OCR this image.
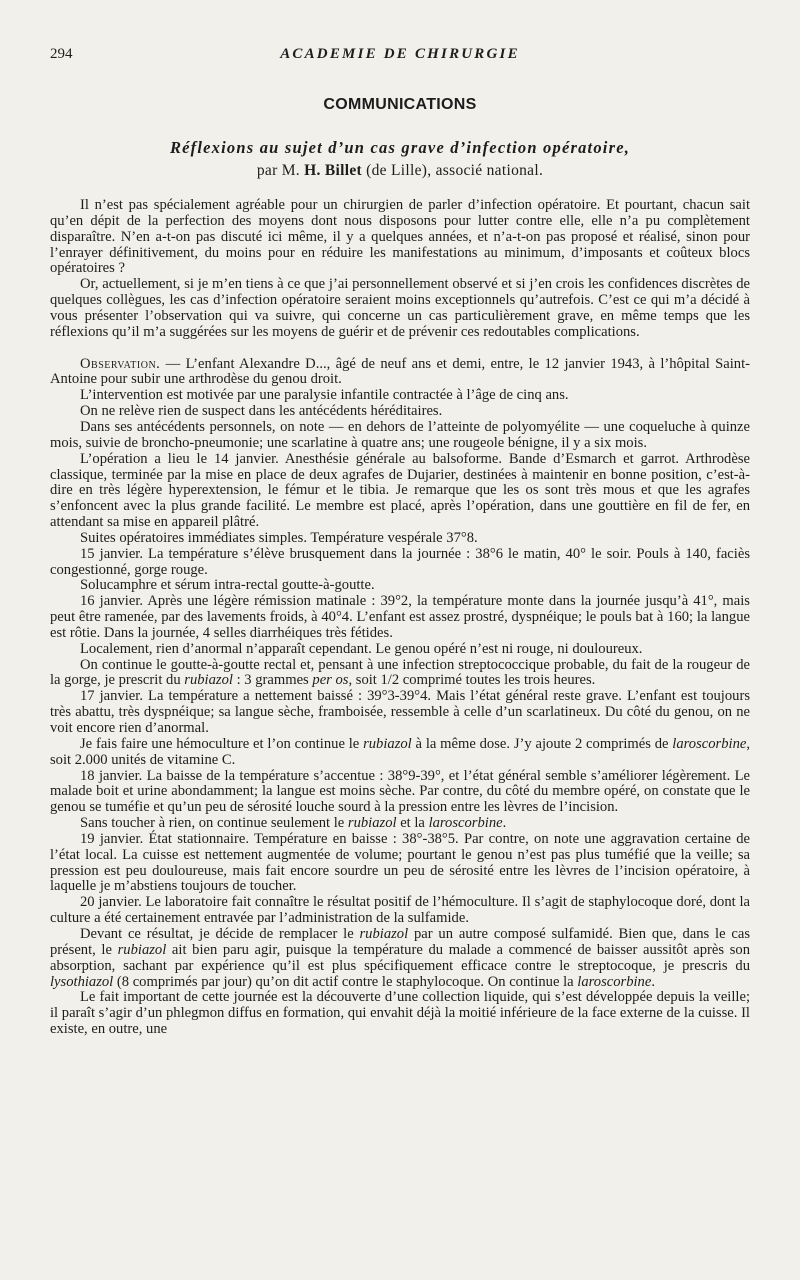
294	ACADEMIE DE CHIRURGIE
COMMUNICATIONS
Réflexions au sujet d’un cas grave d’infection opératoire,
par M. H. Billet (de Lille), associé national.

Il n’est pas spécialement agréable pour un chirurgien de parler d’infection opératoire. Et pourtant, chacun sait qu’en dépit de la perfection des moyens dont nous disposons pour lutter contre elle, elle n’a pu complètement disparaître. N’en a-t-on pas discuté ici même, il y a quelques années, et n’a-t-on pas proposé et réalisé, sinon pour l’enrayer définitivement, du moins pour en réduire les manifestations au minimum, d’imposants et coûteux blocs opératoires ?

Or, actuellement, si je m’en tiens à ce que j’ai personnellement observé et si j’en crois les confidences discrètes de quelques collègues, les cas d’infection opératoire seraient moins exceptionnels qu’autrefois. C’est ce qui m’a décidé à vous présenter l’observation qui va suivre, qui concerne un cas particulièrement grave, en même temps que les réflexions qu’il m’a suggérées sur les moyens de guérir et de prévenir ces redoutables complications.

Observation. — L’enfant Alexandre D..., âgé de neuf ans et demi, entre, le 12 janvier 1943, à l’hôpital Saint-Antoine pour subir une arthrodèse du genou droit.

L’intervention est motivée par une paralysie infantile contractée à l’âge de cinq ans.

On ne relève rien de suspect dans les antécédents héréditaires.

Dans ses antécédents personnels, on note — en dehors de l’atteinte de polyomyélite — une coqueluche à quinze mois, suivie de broncho-pneumonie; une scarlatine à quatre ans; une rougeole bénigne, il y a six mois.

L’opération a lieu le 14 janvier. Anesthésie générale au balsoforme. Bande d’Esmarch et garrot. Arthrodèse classique, terminée par la mise en place de deux agrafes de Dujarier, destinées à maintenir en bonne position, c’est-à-dire en très légère hyperextension, le fémur et le tibia. Je remarque que les os sont très mous et que les agrafes s’enfoncent avec la plus grande facilité. Le membre est placé, après l’opération, dans une gouttière en fil de fer, en attendant sa mise en appareil plâtré.

Suites opératoires immédiates simples. Température vespérale 37°8.

15 janvier. La température s’élève brusquement dans la journée : 38°6 le matin, 40° le soir. Pouls à 140, faciès congestionné, gorge rouge.

Solucamphre et sérum intra-rectal goutte-à-goutte.

16 janvier. Après une légère rémission matinale : 39°2, la température monte dans la journée jusqu’à 41°, mais peut être ramenée, par des lavements froids, à 40°4. L’enfant est assez prostré, dyspnéique; le pouls bat à 160; la langue est rôtie. Dans la journée, 4 selles diarrhéiques très fétides.

Localement, rien d’anormal n’apparaît cependant. Le genou opéré n’est ni rouge, ni douloureux.

On continue le goutte-à-goutte rectal et, pensant à une infection streptococcique probable, du fait de la rougeur de la gorge, je prescrit du rubiazol : 3 grammes per os, soit 1/2 comprimé toutes les trois heures.

17 janvier. La température a nettement baissé : 39°3-39°4. Mais l’état général reste grave. L’enfant est toujours très abattu, très dyspnéique; sa langue sèche, framboisée, ressemble à celle d’un scarlatineux. Du côté du genou, on ne voit encore rien d’anormal.

Je fais faire une hémoculture et l’on continue le rubiazol à la même dose. J’y ajoute 2 comprimés de laroscorbine, soit 2.000 unités de vitamine C.

18 janvier. La baisse de la température s’accentue : 38°9-39°, et l’état général semble s’améliorer légèrement. Le malade boit et urine abondamment; la langue est moins sèche. Par contre, du côté du membre opéré, on constate que le genou se tuméfie et qu’un peu de sérosité louche sourd à la pression entre les lèvres de l’incision.

Sans toucher à rien, on continue seulement le rubiazol et la laroscorbine.

19 janvier. État stationnaire. Température en baisse : 38°-38°5. Par contre, on note une aggravation certaine de l’état local. La cuisse est nettement augmentée de volume; pourtant le genou n’est pas plus tuméfié que la veille; sa pression est peu douloureuse, mais fait encore sourdre un peu de sérosité entre les lèvres de l’incision opératoire, à laquelle je m’abstiens toujours de toucher.

20 janvier. Le laboratoire fait connaître le résultat positif de l’hémoculture. Il s’agit de staphylocoque doré, dont la culture a été certainement entravée par l’administration de la sulfamide.

Devant ce résultat, je décide de remplacer le rubiazol par un autre composé sulfamidé. Bien que, dans le cas présent, le rubiazol ait bien paru agir, puisque la température du malade a commencé de baisser aussitôt après son absorption, sachant par expérience qu’il est plus spécifiquement efficace contre le streptocoque, je prescris du lysothiazol (8 comprimés par jour) qu’on dit actif contre le staphylocoque. On continue la laroscorbine.

Le fait important de cette journée est la découverte d’une collection liquide, qui s’est développée depuis la veille; il paraît s’agir d’un phlegmon diffus en formation, qui envahit déjà la moitié inférieure de la face externe de la cuisse. Il existe, en outre, une
